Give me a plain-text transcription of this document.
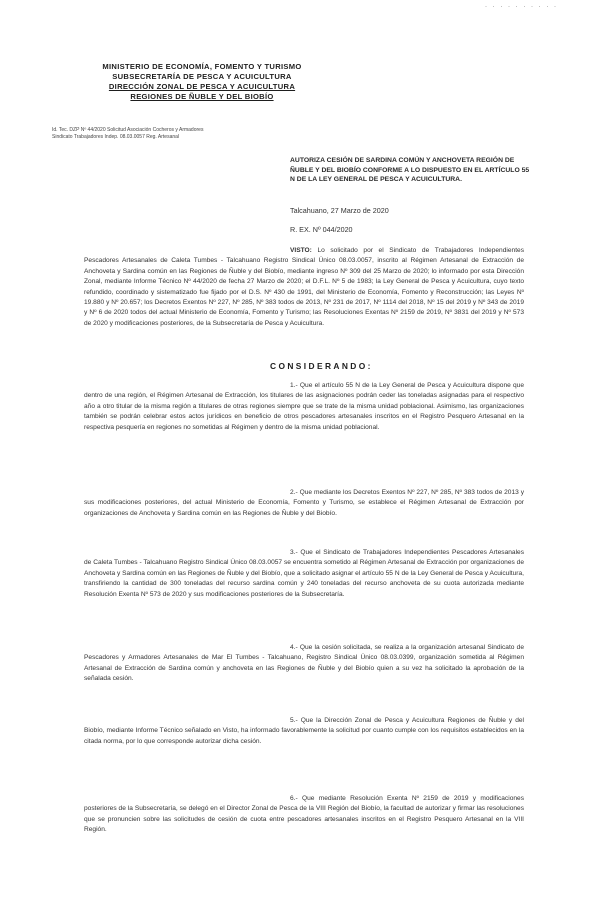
· · · · · · · · · ·
MINISTERIO DE ECONOMÍA, FOMENTO Y TURISMO
SUBSECRETARÍA DE PESCA Y ACUICULTURA
DIRECCIÓN ZONAL DE PESCA Y ACUICULTURA
REGIONES DE ÑUBLE Y DEL BIOBÍO
Id. Tec. DZP Nº 44/2020 Solicitud Asociación Cocheros y Armadores
Sindicato Trabajadores Indep. 08.03.0057 Reg. Artesanal
AUTORIZA CESIÓN DE SARDINA COMÚN Y ANCHOVETA REGIÓN DE ÑUBLE Y DEL BIOBÍO CONFORME A LO DISPUESTO EN EL ARTÍCULO 55 N DE LA LEY GENERAL DE PESCA Y ACUICULTURA.
Talcahuano, 27 Marzo de 2020
R. EX. Nº 044/2020
VISTO: Lo solicitado por el Sindicato de Trabajadores Independientes Pescadores Artesanales de Caleta Tumbes - Talcahuano Registro Sindical Único 08.03.0057, inscrito al Régimen Artesanal de Extracción de Anchoveta y Sardina común en las Regiones de Ñuble y del Biobío, mediante ingreso Nº 309 del 25 Marzo de 2020; lo informado por esta Dirección Zonal, mediante Informe Técnico Nº 44/2020 de fecha 27 Marzo de 2020; el D.F.L. Nº 5 de 1983; la Ley General de Pesca y Acuicultura, cuyo texto refundido, coordinado y sistematizado fue fijado por el D.S. Nº 430 de 1991, del Ministerio de Economía, Fomento y Reconstrucción; las Leyes Nº 19.880 y Nº 20.657; los Decretos Exentos Nº 227, Nº 285, Nº 383 todos de 2013, Nº 231 de 2017, Nº 1114 del 2018, Nº 15 del 2019 y Nº 343 de 2019 y Nº 6 de 2020 todos del actual Ministerio de Economía, Fomento y Turismo; las Resoluciones Exentas Nº 2159 de 2019, Nº 3831 del 2019 y Nº 573 de 2020 y modificaciones posteriores, de la Subsecretaría de Pesca y Acuicultura.
CONSIDERANDO:
1.- Que el artículo 55 N de la Ley General de Pesca y Acuicultura dispone que dentro de una región, el Régimen Artesanal de Extracción, los titulares de las asignaciones podrán ceder las toneladas asignadas para el respectivo año a otro titular de la misma región a titulares de otras regiones siempre que se trate de la misma unidad poblacional. Asimismo, las organizaciones también se podrán celebrar estos actos jurídicos en beneficio de otros pescadores artesanales inscritos en el Registro Pesquero Artesanal en la respectiva pesquería en regiones no sometidas al Régimen y dentro de la misma unidad poblacional.
2.- Que mediante los Decretos Exentos Nº 227, Nº 285, Nº 383 todos de 2013 y sus modificaciones posteriores, del actual Ministerio de Economía, Fomento y Turismo, se establece el Régimen Artesanal de Extracción por organizaciones de Anchoveta y Sardina común en las Regiones de Ñuble y del Biobío.
3.- Que el Sindicato de Trabajadores Independientes Pescadores Artesanales de Caleta Tumbes - Talcahuano Registro Sindical Único 08.03.0057 se encuentra sometido al Régimen Artesanal de Extracción por organizaciones de Anchoveta y Sardina común en las Regiones de Ñuble y del Biobío, que a solicitado asignar el artículo 55 N de la Ley General de Pesca y Acuicultura, transfiriendo la cantidad de 300 toneladas del recurso sardina común y 240 toneladas del recurso anchoveta de su cuota autorizada mediante Resolución Exenta Nº 573 de 2020 y sus modificaciones posteriores de la Subsecretaría.
4.- Que la cesión solicitada, se realiza a la organización artesanal Sindicato de Pescadores y Armadores Artesanales de Mar El Tumbes - Talcahuano, Registro Sindical Único 08.03.0399, organización sometida al Régimen Artesanal de Extracción de Sardina común y anchoveta en las Regiones de Ñuble y del Biobío quien a su vez ha solicitado la aprobación de la señalada cesión.
5.- Que la Dirección Zonal de Pesca y Acuicultura Regiones de Ñuble y del Biobío, mediante Informe Técnico señalado en Visto, ha informado favorablemente la solicitud por cuanto cumple con los requisitos establecidos en la citada norma, por lo que corresponde autorizar dicha cesión.
6.- Que mediante Resolución Exenta Nº 2159 de 2019 y modificaciones posteriores de la Subsecretaría, se delegó en el Director Zonal de Pesca de la VIII Región del Biobío, la facultad de autorizar y firmar las resoluciones que se pronuncien sobre las solicitudes de cesión de cuota entre pescadores artesanales inscritos en el Registro Pesquero Artesanal en la VIII Región.
